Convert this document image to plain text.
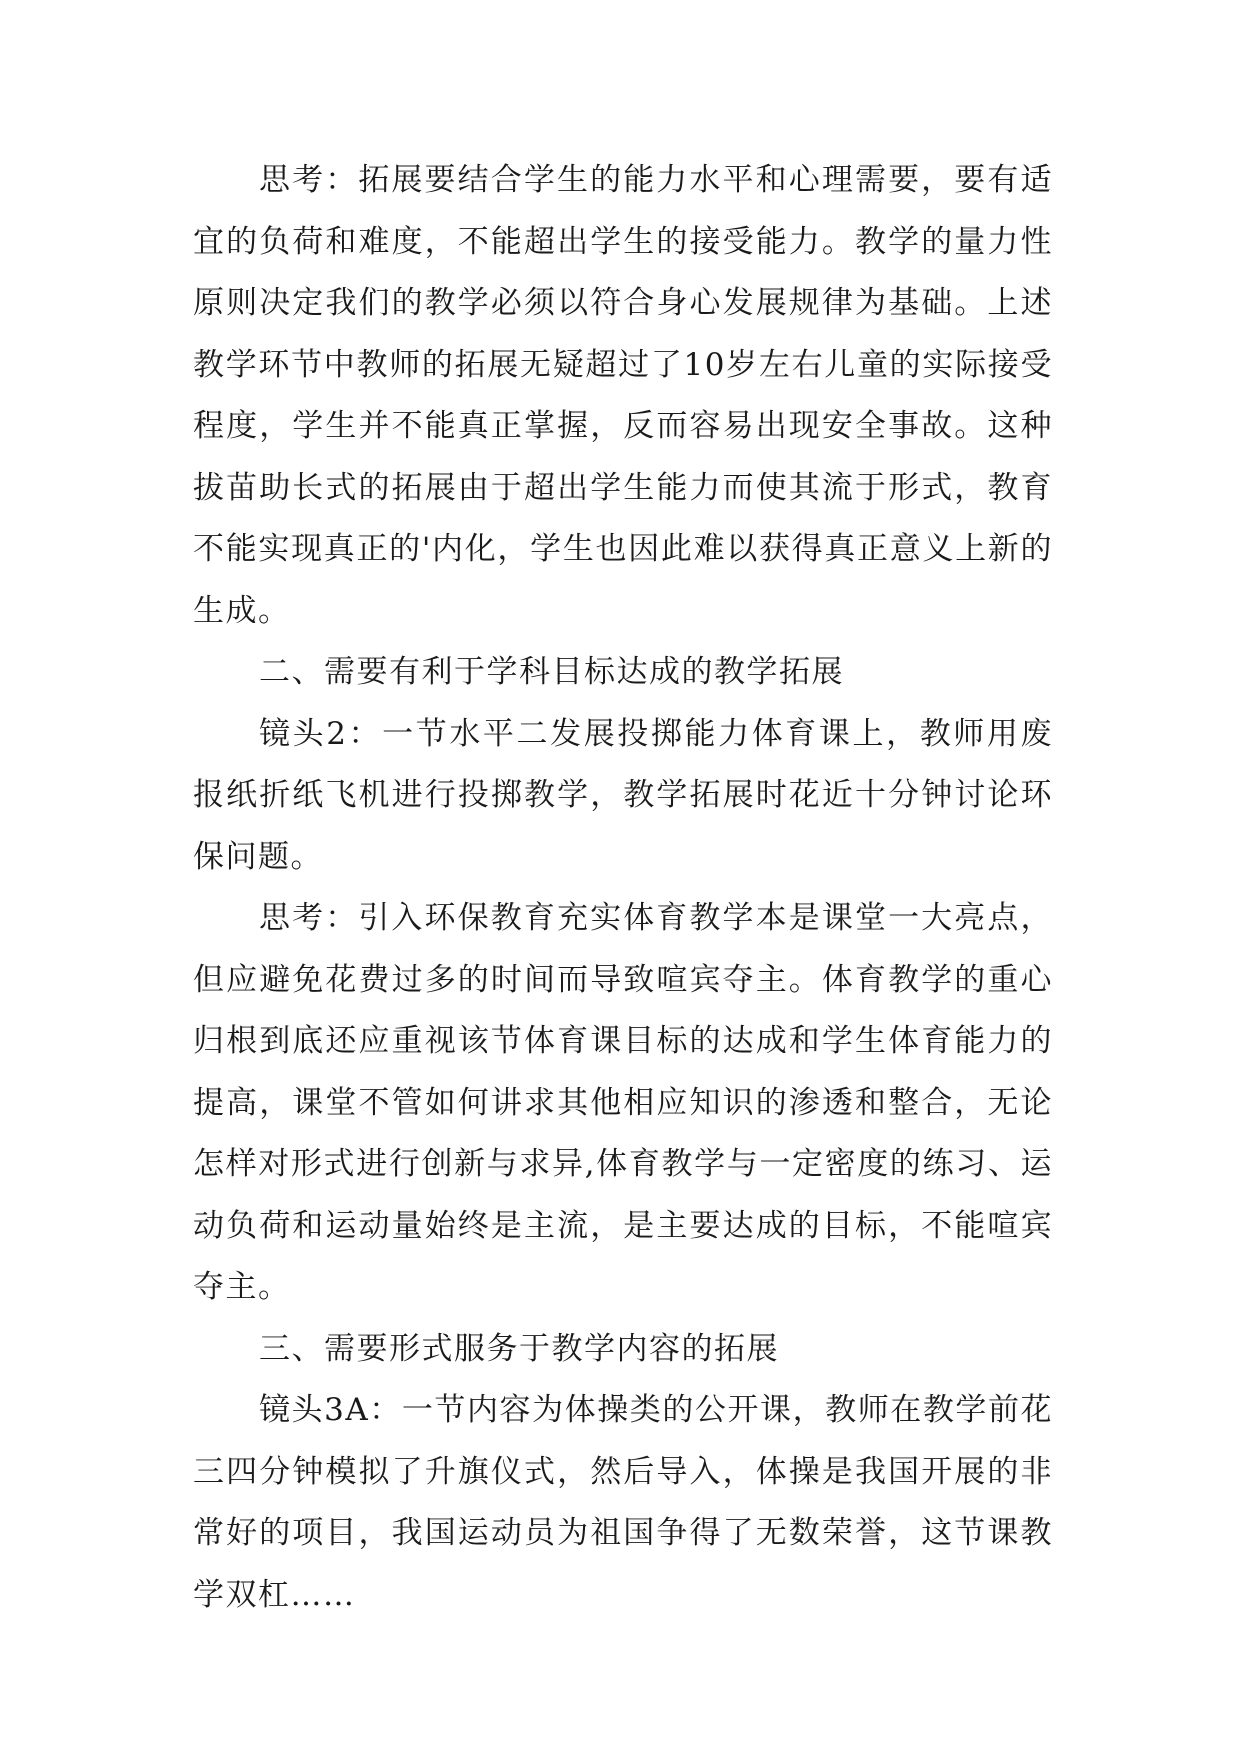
思考：拓展要结合学生的能力水平和心理需要，要有适宜的负荷和难度，不能超出学生的接受能力。教学的量力性原则决定我们的教学必须以符合身心发展规律为基础。上述教学环节中教师的拓展无疑超过了10岁左右儿童的实际接受程度，学生并不能真正掌握，反而容易出现安全事故。这种拔苗助长式的拓展由于超出学生能力而使其流于形式，教育不能实现真正的'内化，学生也因此难以获得真正意义上新的生成。

二、需要有利于学科目标达成的教学拓展

镜头2：一节水平二发展投掷能力体育课上，教师用废报纸折纸飞机进行投掷教学，教学拓展时花近十分钟讨论环保问题。

思考：引入环保教育充实体育教学本是课堂一大亮点，但应避免花费过多的时间而导致喧宾夺主。体育教学的重心归根到底还应重视该节体育课目标的达成和学生体育能力的提高，课堂不管如何讲求其他相应知识的渗透和整合，无论怎样对形式进行创新与求异,体育教学与一定密度的练习、运动负荷和运动量始终是主流，是主要达成的目标，不能喧宾夺主。

三、需要形式服务于教学内容的拓展

镜头3A：一节内容为体操类的公开课，教师在教学前花三四分钟模拟了升旗仪式，然后导入，体操是我国开展的非常好的项目，我国运动员为祖国争得了无数荣誉，这节课教学双杠……
